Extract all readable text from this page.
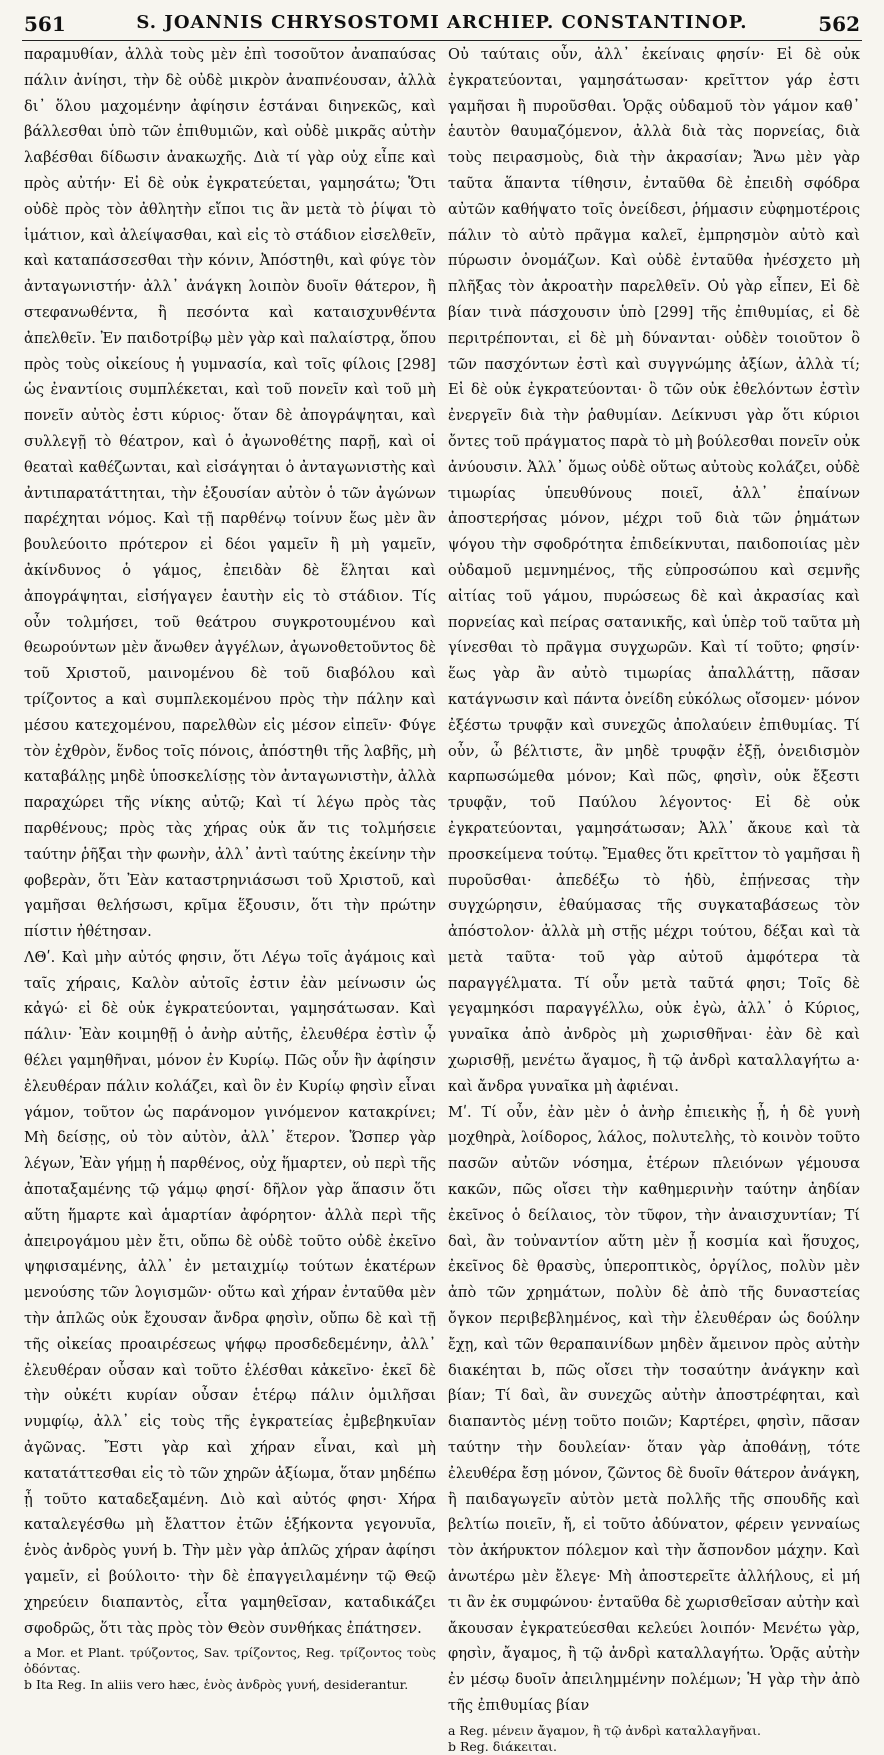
561	S. JOANNIS CHRYSOSTOMI ARCHIEP. CONSTANTINOP.	562

παραμυθίαν, ἀλλὰ τοὺς μὲν ἐπὶ τοσοῦτον ἀναπαύσας πάλιν ἀνίησι, τὴν δὲ οὐδὲ μικρὸν ἀναπνέουσαν, ἀλλὰ δι᾽ ὅλου μαχομένην ἀφίησιν ἑστάναι διηνεκῶς, καὶ βάλλεσθαι ὑπὸ τῶν ἐπιθυμιῶν, καὶ οὐδὲ μικρᾶς αὐτὴν λαβέσθαι δίδωσιν ἀνακωχῆς. Διὰ τί γὰρ οὐχ εἶπε καὶ πρὸς αὐτήν· Εἰ δὲ οὐκ ἐγκρατεύεται, γαμησάτω; Ὅτι οὐδὲ πρὸς τὸν ἀθλητὴν εἴποι τις ἂν μετὰ τὸ ῥίψαι τὸ ἱμάτιον, καὶ ἀλείψασθαι, καὶ εἰς τὸ στάδιον εἰσελθεῖν, καὶ καταπάσσεσθαι τὴν κόνιν, Ἀπόστηθι, καὶ φύγε τὸν ἀνταγωνιστήν· ἀλλ᾽ ἀνάγκη λοιπὸν δυοῖν θάτερον, ἢ στεφανωθέντα, ἢ πεσόντα καὶ καταισχυνθέντα ἀπελθεῖν. Ἐν παιδοτρίβῳ μὲν γὰρ καὶ παλαίστρᾳ, ὅπου πρὸς τοὺς οἰκείους ἡ γυμνασία, καὶ τοῖς φίλοις [298] ὡς ἐναντίοις συμπλέκεται, καὶ τοῦ πονεῖν καὶ τοῦ μὴ πονεῖν αὐτὸς ἐστι κύριος· ὅταν δὲ ἀπογράψηται, καὶ συλλεγῇ τὸ θέατρον, καὶ ὁ ἀγωνοθέτης παρῇ, καὶ οἱ θεαταὶ καθέζωνται, καὶ εἰσάγηται ὁ ἀνταγωνιστὴς καὶ ἀντιπαρατάττηται, τὴν ἐξουσίαν αὐτὸν ὁ τῶν ἀγώνων παρέχηται νόμος. Καὶ τῇ παρθένῳ τοίνυν ἕως μὲν ἂν βουλεύοιτο πρότερον εἰ δέοι γαμεῖν ἢ μὴ γαμεῖν, ἀκίνδυνος ὁ γάμος, ἐπειδὰν δὲ ἕληται καὶ ἀπογράψηται, εἰσήγαγεν ἑαυτὴν εἰς τὸ στάδιον. Τίς οὖν τολμήσει, τοῦ θεάτρου συγκροτουμένου καὶ θεωρούντων μὲν ἄνωθεν ἀγγέλων, ἀγωνοθετοῦντος δὲ τοῦ Χριστοῦ, μαινομένου δὲ τοῦ διαβόλου καὶ τρίζοντος a καὶ συμπλεκομένου πρὸς τὴν πάλην καὶ μέσου κατεχομένου, παρελθὼν εἰς μέσον εἰπεῖν· Φύγε τὸν ἐχθρὸν, ἕνδος τοῖς πόνοις, ἀπόστηθι τῆς λαβῆς, μὴ καταβάλῃς μηδὲ ὑποσκελίσῃς τὸν ἀνταγωνιστὴν, ἀλλὰ παραχώρει τῆς νίκης αὐτῷ; Καὶ τί λέγω πρὸς τὰς παρθένους; πρὸς τὰς χήρας οὐκ ἄν τις τολμήσειε ταύτην ῥῆξαι τὴν φωνὴν, ἀλλ᾽ ἀντὶ ταύτης ἐκείνην τὴν φοβερὰν, ὅτι Ἐὰν καταστρηνιάσωσι τοῦ Χριστοῦ, καὶ γαμῆσαι θελήσωσι, κρῖμα ἕξουσιν, ὅτι τὴν πρώτην πίστιν ἠθέτησαν.

ΛΘʹ. Καὶ μὴν αὐτός φησιν, ὅτι Λέγω τοῖς ἀγάμοις καὶ ταῖς χήραις, Καλὸν αὐτοῖς ἐστιν ἐὰν μείνωσιν ὡς κἀγώ· εἰ δὲ οὐκ ἐγκρατεύονται, γαμησάτωσαν. Καὶ πάλιν· Ἐὰν κοιμηθῇ ὁ ἀνὴρ αὐτῆς, ἐλευθέρα ἐστὶν ᾧ θέλει γαμηθῆναι, μόνον ἐν Κυρίῳ. Πῶς οὖν ἣν ἀφίησιν ἐλευθέραν πάλιν κολάζει, καὶ ὃν ἐν Κυρίῳ φησὶν εἶναι γάμον, τοῦτον ὡς παράνομον γινόμενον κατακρίνει; Μὴ δείσῃς, οὐ τὸν αὐτὸν, ἀλλ᾽ ἕτερον. Ὥσπερ γὰρ λέγων, Ἐὰν γήμῃ ἡ παρθένος, οὐχ ἥμαρτεν, οὐ περὶ τῆς ἀποταξαμένης τῷ γάμῳ φησί· δῆλον γὰρ ἅπασιν ὅτι αὕτη ἥμαρτε καὶ ἁμαρτίαν ἀφόρητον· ἀλλὰ περὶ τῆς ἀπειρογάμου μὲν ἔτι, οὔπω δὲ οὐδὲ τοῦτο οὐδὲ ἐκεῖνο ψηφισαμένης, ἀλλ᾽ ἐν μεταιχμίῳ τούτων ἑκατέρων μενούσης τῶν λογισμῶν· οὕτω καὶ χήραν ἐνταῦθα μὲν τὴν ἁπλῶς οὐκ ἔχουσαν ἄνδρα φησὶν, οὔπω δὲ καὶ τῇ τῆς οἰκείας προαιρέσεως ψήφῳ προσδεδεμένην, ἀλλ᾽ ἐλευθέραν οὖσαν καὶ τοῦτο ἑλέσθαι κἀκεῖνο· ἐκεῖ δὲ τὴν οὐκέτι κυρίαν οὖσαν ἑτέρῳ πάλιν ὁμιλῆσαι νυμφίῳ, ἀλλ᾽ εἰς τοὺς τῆς ἐγκρατείας ἐμβεβηκυῖαν ἀγῶνας. Ἔστι γὰρ καὶ χήραν εἶναι, καὶ μὴ κατατάττεσθαι εἰς τὸ τῶν χηρῶν ἀξίωμα, ὅταν μηδέπω ᾖ τοῦτο καταδεξαμένη. Διὸ καὶ αὐτός φησι· Χήρα καταλεγέσθω μὴ ἔλαττον ἐτῶν ἑξήκοντα γεγονυῖα, ἑνὸς ἀνδρὸς γυνή b. Τὴν μὲν γὰρ ἁπλῶς χήραν ἀφίησι γαμεῖν, εἰ βούλοιτο· τὴν δὲ ἐπαγγειλαμένην τῷ Θεῷ χηρεύειν διαπαντὸς, εἶτα γαμηθεῖσαν, καταδικάζει σφοδρῶς, ὅτι τὰς πρὸς τὸν Θεὸν συνθήκας ἐπάτησεν.

a Mor. et Plant. τρύζοντος, Sav. τρίζοντος, Reg. τρίζοντος τοὺς ὀδόντας.
b Ita Reg. In aliis vero hæc, ἑνὸς ἀνδρὸς γυνή, desiderantur.

Οὐ ταύταις οὖν, ἀλλ᾽ ἐκείναις φησίν· Εἰ δὲ οὐκ ἐγκρατεύονται, γαμησάτωσαν· κρεῖττον γάρ ἐστι γαμῆσαι ἢ πυροῦσθαι. Ὁρᾷς οὐδαμοῦ τὸν γάμον καθ᾽ ἑαυτὸν θαυμαζόμενον, ἀλλὰ διὰ τὰς πορνείας, διὰ τοὺς πειρασμοὺς, διὰ τὴν ἀκρασίαν; Ἄνω μὲν γὰρ ταῦτα ἅπαντα τίθησιν, ἐνταῦθα δὲ ἐπειδὴ σφόδρα αὐτῶν καθήψατο τοῖς ὀνείδεσι, ῥήμασιν εὐφημοτέροις πάλιν τὸ αὐτὸ πρᾶγμα καλεῖ, ἐμπρησμὸν αὐτὸ καὶ πύρωσιν ὀνομάζων. Καὶ οὐδὲ ἐνταῦθα ἠνέσχετο μὴ πλῆξας τὸν ἀκροατὴν παρελθεῖν. Οὐ γὰρ εἶπεν, Εἰ δὲ βίαν τινὰ πάσχουσιν ὑπὸ [299] τῆς ἐπιθυμίας, εἰ δὲ περιτρέπονται, εἰ δὲ μὴ δύνανται· οὐδὲν τοιοῦτον ὃ τῶν πασχόντων ἐστὶ καὶ συγγνώμης ἀξίων, ἀλλὰ τί; Εἰ δὲ οὐκ ἐγκρατεύονται· ὃ τῶν οὐκ ἐθελόντων ἐστὶν ἐνεργεῖν διὰ τὴν ῥαθυμίαν. Δείκνυσι γὰρ ὅτι κύριοι ὄντες τοῦ πράγματος παρὰ τὸ μὴ βούλεσθαι πονεῖν οὐκ ἀνύουσιν. Ἀλλ᾽ ὅμως οὐδὲ οὕτως αὐτοὺς κολάζει, οὐδὲ τιμωρίας ὑπευθύνους ποιεῖ, ἀλλ᾽ ἐπαίνων ἀποστερήσας μόνον, μέχρι τοῦ διὰ τῶν ῥημάτων ψόγου τὴν σφοδρότητα ἐπιδείκνυται, παιδοποιίας μὲν οὐδαμοῦ μεμνημένος, τῆς εὐπροσώπου καὶ σεμνῆς αἰτίας τοῦ γάμου, πυρώσεως δὲ καὶ ἀκρασίας καὶ πορνείας καὶ πείρας σατανικῆς, καὶ ὑπὲρ τοῦ ταῦτα μὴ γίνεσθαι τὸ πρᾶγμα συγχωρῶν. Καὶ τί τοῦτο; φησίν· ἕως γὰρ ἂν αὐτὸ τιμωρίας ἀπαλλάττῃ, πᾶσαν κατάγνωσιν καὶ πάντα ὀνείδη εὐκόλως οἴσομεν· μόνον ἐξέστω τρυφᾷν καὶ συνεχῶς ἀπολαύειν ἐπιθυμίας. Τί οὖν, ὦ βέλτιστε, ἂν μηδὲ τρυφᾷν ἐξῇ, ὀνειδισμὸν καρπωσώμεθα μόνον; Καὶ πῶς, φησὶν, οὐκ ἔξεστι τρυφᾷν, τοῦ Παύλου λέγοντος· Εἰ δὲ οὐκ ἐγκρατεύονται, γαμησάτωσαν; Ἀλλ᾽ ἄκουε καὶ τὰ προσκείμενα τούτῳ. Ἔμαθες ὅτι κρεῖττον τὸ γαμῆσαι ἢ πυροῦσθαι· ἀπεδέξω τὸ ἡδὺ, ἐπῄνεσας τὴν συγχώρησιν, ἐθαύμασας τῆς συγκαταβάσεως τὸν ἀπόστολον· ἀλλὰ μὴ στῇς μέχρι τούτου, δέξαι καὶ τὰ μετὰ ταῦτα· τοῦ γὰρ αὐτοῦ ἀμφότερα τὰ παραγγέλματα. Τί οὖν μετὰ ταῦτά φησι; Τοῖς δὲ γεγαμηκόσι παραγγέλλω, οὐκ ἐγὼ, ἀλλ᾽ ὁ Κύριος, γυναῖκα ἀπὸ ἀνδρὸς μὴ χωρισθῆναι· ἐὰν δὲ καὶ χωρισθῇ, μενέτω ἄγαμος, ἢ τῷ ἀνδρὶ καταλλαγήτω a· καὶ ἄνδρα γυναῖκα μὴ ἀφιέναι.

Μʹ. Τί οὖν, ἐὰν μὲν ὁ ἀνὴρ ἐπιεικὴς ᾖ, ἡ δὲ γυνὴ μοχθηρὰ, λοίδορος, λάλος, πολυτελὴς, τὸ κοινὸν τοῦτο πασῶν αὐτῶν νόσημα, ἑτέρων πλειόνων γέμουσα κακῶν, πῶς οἴσει τὴν καθημερινὴν ταύτην ἀηδίαν ἐκεῖνος ὁ δείλαιος, τὸν τῦφον, τὴν ἀναισχυντίαν; Τί δαὶ, ἂν τοὐναντίον αὕτη μὲν ᾖ κοσμία καὶ ἥσυχος, ἐκεῖνος δὲ θρασὺς, ὑπεροπτικὸς, ὀργίλος, πολὺν μὲν ἀπὸ τῶν χρημάτων, πολὺν δὲ ἀπὸ τῆς δυναστείας ὄγκον περιβεβλημένος, καὶ τὴν ἐλευθέραν ὡς δούλην ἔχῃ, καὶ τῶν θεραπαινίδων μηδὲν ἄμεινον πρὸς αὐτὴν διακέηται b, πῶς οἴσει τὴν τοσαύτην ἀνάγκην καὶ βίαν; Τί δαὶ, ἂν συνεχῶς αὐτὴν ἀποστρέφηται, καὶ διαπαντὸς μένῃ τοῦτο ποιῶν; Καρτέρει, φησὶν, πᾶσαν ταύτην τὴν δουλείαν· ὅταν γὰρ ἀποθάνῃ, τότε ἐλευθέρα ἔσῃ μόνον, ζῶντος δὲ δυοῖν θάτερον ἀνάγκη, ἢ παιδαγωγεῖν αὐτὸν μετὰ πολλῆς τῆς σπουδῆς καὶ βελτίω ποιεῖν, ἤ, εἰ τοῦτο ἀδύνατον, φέρειν γενναίως τὸν ἀκήρυκτον πόλεμον καὶ τὴν ἄσπονδον μάχην. Καὶ ἀνωτέρω μὲν ἔλεγε· Μὴ ἀποστερεῖτε ἀλλήλους, εἰ μή τι ἂν ἐκ συμφώνου· ἐνταῦθα δὲ χωρισθεῖσαν αὐτὴν καὶ ἄκουσαν ἐγκρατεύεσθαι κελεύει λοιπόν· Μενέτω γὰρ, φησὶν, ἄγαμος, ἢ τῷ ἀνδρὶ καταλλαγήτω. Ὁρᾷς αὐτὴν ἐν μέσῳ δυοῖν ἀπειλημμένην πολέμων; Ἡ γὰρ τὴν ἀπὸ τῆς ἐπιθυμίας βίαν

a Reg. μένειν ἄγαμον, ἢ τῷ ἀνδρὶ καταλλαγῆναι.
b Reg. διάκειται.
